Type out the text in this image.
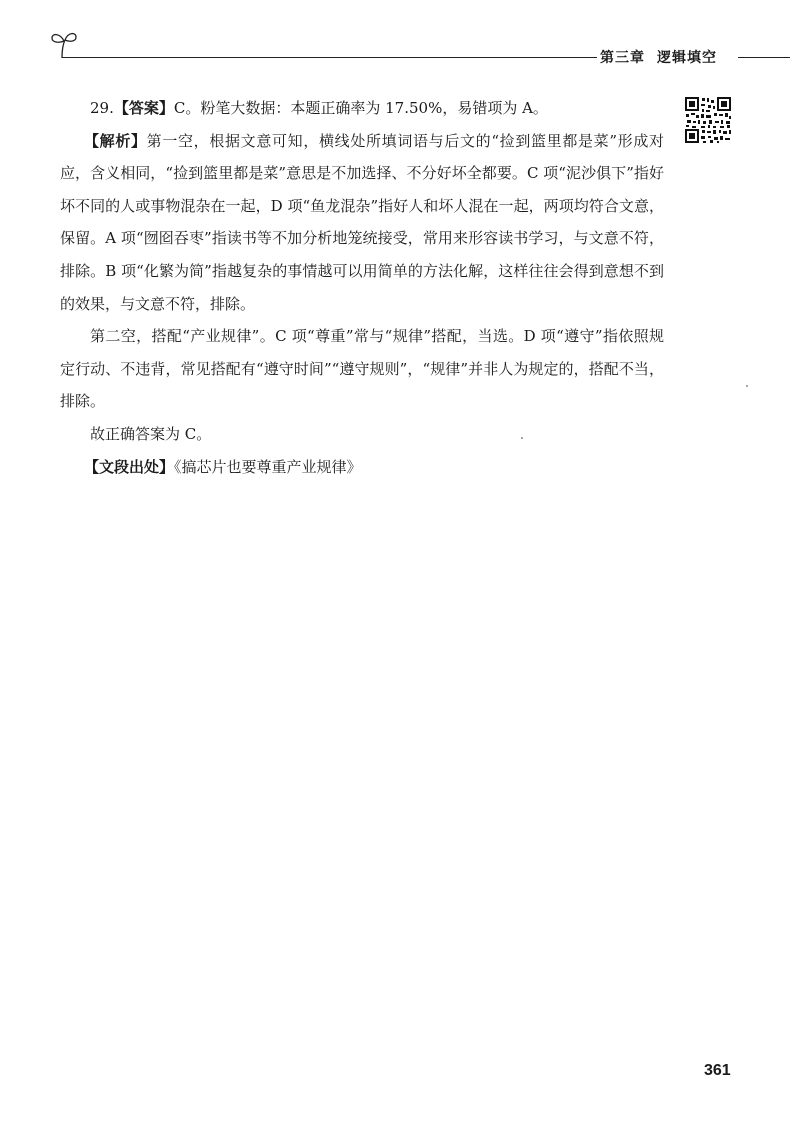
第三章 逻辑填空

29.【答案】C。粉笔大数据：本题正确率为 17.50%，易错项为 A。

【解析】第一空，根据文意可知，横线处所填词语与后文的“捡到篮里都是菜”形成对应，含义相同，“捡到篮里都是菜”意思是不加选择、不分好坏全都要。C 项“泥沙俱下”指好坏不同的人或事物混杂在一起，D 项“鱼龙混杂”指好人和坏人混在一起，两项均符合文意，保留。A 项“囫囵吞枣”指读书等不加分析地笼统接受，常用来形容读书学习，与文意不符，排除。B 项“化繁为简”指越复杂的事情越可以用简单的方法化解，这样往往会得到意想不到的效果，与文意不符，排除。

第二空，搭配“产业规律”。C 项“尊重”常与“规律”搭配，当选。D 项“遵守”指依照规定行动、不违背，常见搭配有“遵守时间”“遵守规则”，“规律”并非人为规定的，搭配不当，排除。

故正确答案为 C。

【文段出处】《搞芯片也要尊重产业规律》

361
